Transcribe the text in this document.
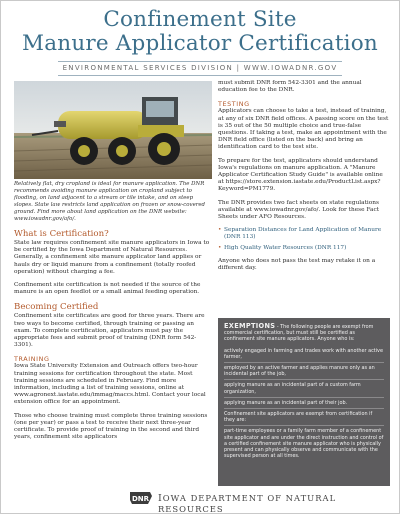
Confinement Site
Manure Applicator Certification
ENVIRONMENTAL SERVICES DIVISION | WWW.IOWADNR.GOV
Relatively flat, dry cropland is ideal for manure application. The DNR recommends avoiding manure application on cropland subject to flooding, on land adjacent to a stream or tile intake, and on steep slopes. State law restricts land application on frozen or snow-covered ground. Find more about land application on the DNR website: www.iowadnr.gov/afo/.
What is Certification?

State law requires confinement site manure applicators in Iowa to be certified by the Iowa Department of Natural Resources. Generally, a confinement site manure applicator land applies or hauls dry or liquid manure from a confinement (totally roofed operation) without charging a fee.

Confinement site certification is not needed if the source of the manure is an open feedlot or a small animal feeding operation.

Becoming Certified

Confinement site certificates are good for three years. There are two ways to become certified, through training or passing an exam. To complete certification, applicators must pay the appropriate fees and submit proof of training (DNR form 542-3301).

TRAINING

Iowa State University Extension and Outreach offers two-hour training sessions for certification throughout the state. Most training sessions are scheduled in February. Find more information, including a list of training sessions, online at www.agronext.iastate.edu/immag/maccs.html. Contact your local extension office for an appointment.

Those who choose training must complete three training sessions (one per year) or pass a test to receive their next three-year certificate. To provide proof of training in the second and third years, confinement site applicators

must submit DNR form 542-3301 and the annual education fee to the DNR.

TESTING

Applicators can choose to take a test, instead of training, at any of six DNR field offices. A passing score on the test is 35 out of the 50 multiple choice and true-false questions. If taking a test, make an appointment with the DNR field office (listed on the back) and bring an identification card to the test site.

To prepare for the test, applicators should understand Iowa's regulations on manure application. A "Manure Applicator Certification Study Guide" is available online at https://store.extension.iastate.edu/ProductList.aspx?Keyword=PM1779.

The DNR provides two fact sheets on state regulations available at www.iowadnr.gov/afo/. Look for these Fact Sheets under AFO Resources.

• Separation Distances for Land Application of Manure (DNR 113)
• High Quality Water Resources (DNR 117)

Anyone who does not pass the test may retake it on a different day.

EXEMPTIONS - The following people are exempt from commercial certification, but must still be certified as confinement site manure applicators. Anyone who is:
actively engaged in farming and trades work with another active farmer,
employed by an active farmer and applies manure only as an incidental part of the job,
applying manure as an incidental part of a custom farm organization,
applying manure as an incidental part of their job.
Confinement site applicators are exempt from certification if they are:
part-time employees or a family farm member of a confinement site applicator and are under the direct instruction and control of a certified confinement site manure applicator who is physically present and can physically observe and communicate with the supervised person at all times.
DNR IOWA DEPARTMENT OF NATURAL RESOURCES
